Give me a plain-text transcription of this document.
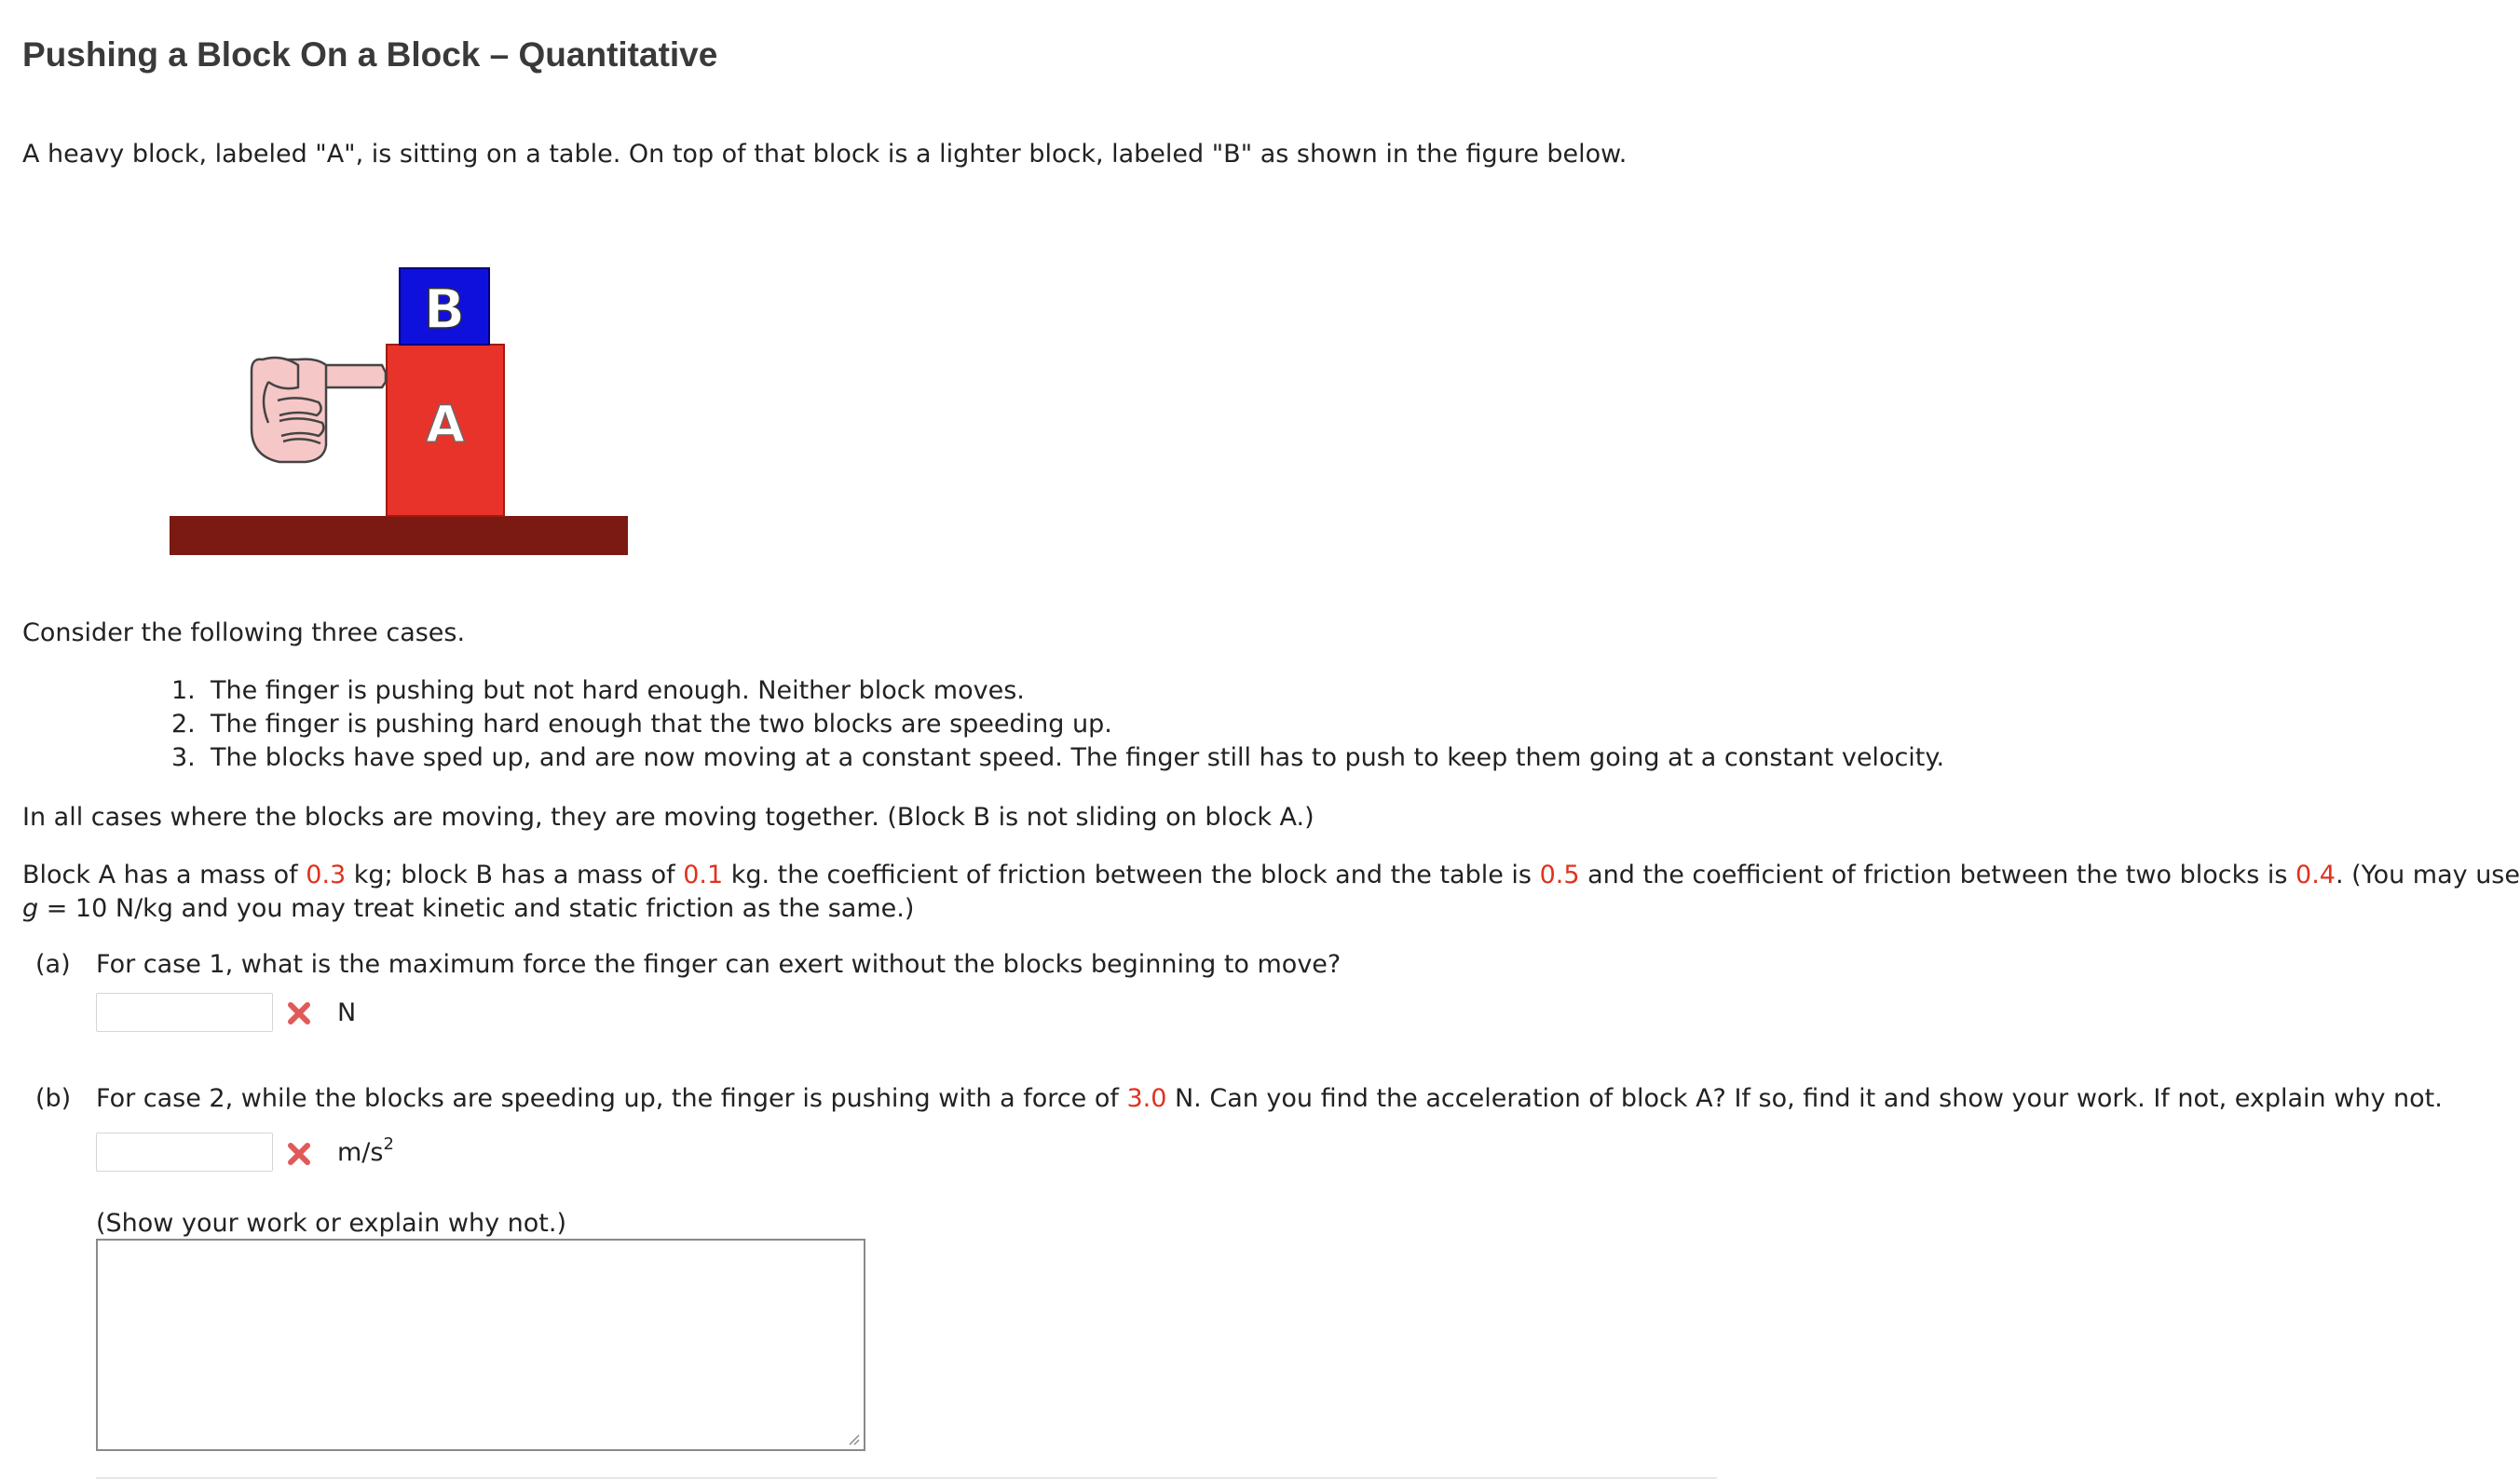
Pushing a Block On a Block – Quantitative
A heavy block, labeled "A", is sitting on a table. On top of that block is a lighter block, labeled "B" as shown in the figure below.
A
B
Consider the following three cases.
1. The finger is pushing but not hard enough. Neither block moves.
2. The finger is pushing hard enough that the two blocks are speeding up.
3. The blocks have sped up, and are now moving at a constant speed. The finger still has to push to keep them going at a constant velocity.
In all cases where the blocks are moving, they are moving together. (Block B is not sliding on block A.)
Block A has a mass of 0.3 kg; block B has a mass of 0.1 kg. the coefficient of friction between the block and the table is 0.5 and the coefficient of friction between the two blocks is 0.4. (You may use
g = 10 N/kg and you may treat kinetic and static friction as the same.)
(a) For case 1, what is the maximum force the finger can exert without the blocks beginning to move?
N
(b) For case 2, while the blocks are speeding up, the finger is pushing with a force of 3.0 N. Can you find the acceleration of block A? If so, find it and show your work. If not, explain why not.
$m/s^2$
(Show your work or explain why not.)
